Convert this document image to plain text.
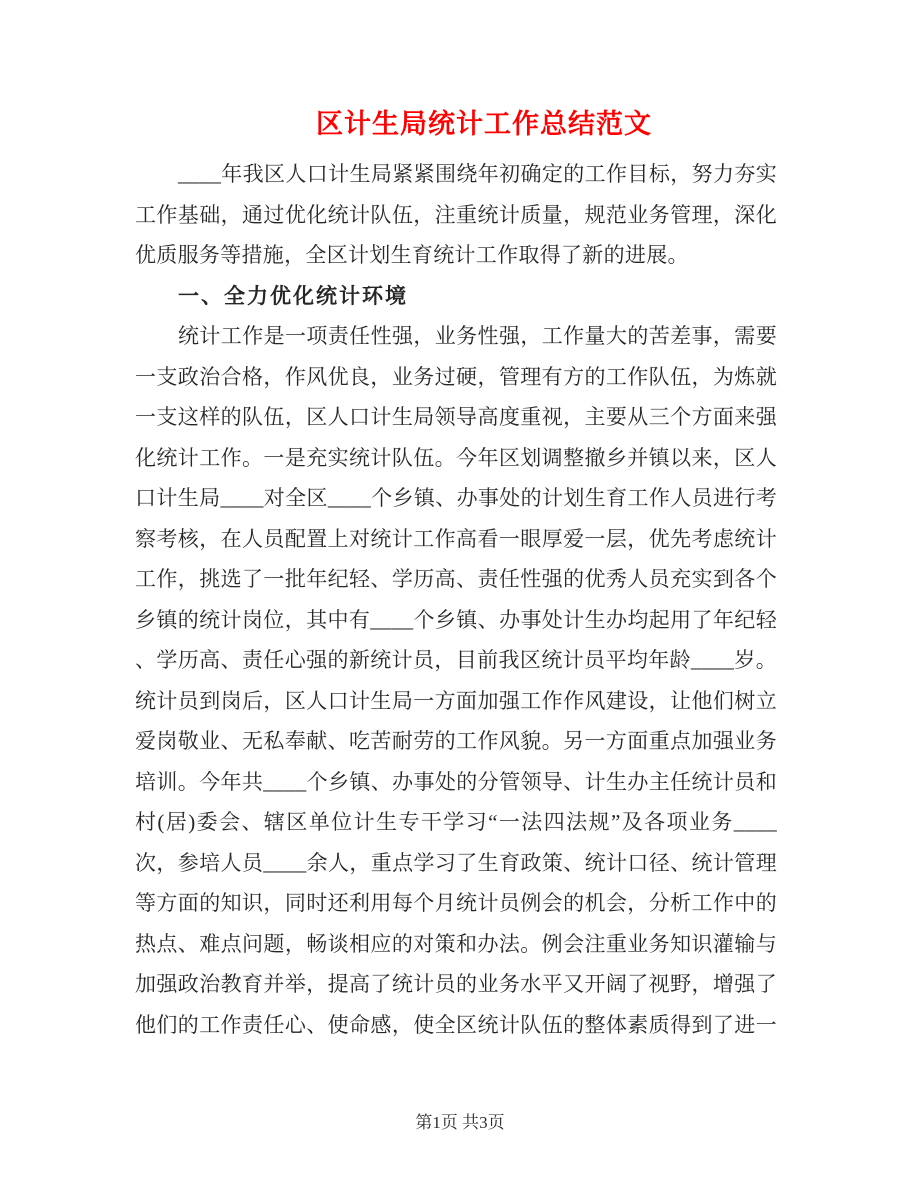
区计生局统计工作总结范文
____年我区人口计生局紧紧围绕年初确定的工作目标，努力夯实
工作基础，通过优化统计队伍，注重统计质量，规范业务管理，深化
优质服务等措施，全区计划生育统计工作取得了新的进展。
一、全力优化统计环境
统计工作是一项责任性强，业务性强，工作量大的苦差事，需要
一支政治合格，作风优良，业务过硬，管理有方的工作队伍，为炼就
一支这样的队伍，区人口计生局领导高度重视，主要从三个方面来强
化统计工作。一是充实统计队伍。今年区划调整撤乡并镇以来，区人
口计生局____对全区____个乡镇、办事处的计划生育工作人员进行考
察考核，在人员配置上对统计工作高看一眼厚爱一层，优先考虑统计
工作，挑选了一批年纪轻、学历高、责任性强的优秀人员充实到各个
乡镇的统计岗位，其中有____个乡镇、办事处计生办均起用了年纪轻
、学历高、责任心强的新统计员，目前我区统计员平均年龄____岁。
统计员到岗后，区人口计生局一方面加强工作作风建设，让他们树立
爱岗敬业、无私奉献、吃苦耐劳的工作风貌。另一方面重点加强业务
培训。今年共____个乡镇、办事处的分管领导、计生办主任统计员和
村(居)委会、辖区单位计生专干学习“一法四法规”及各项业务____
次，参培人员____余人，重点学习了生育政策、统计口径、统计管理
等方面的知识，同时还利用每个月统计员例会的机会，分析工作中的
热点、难点问题，畅谈相应的对策和办法。例会注重业务知识灌输与
加强政治教育并举，提高了统计员的业务水平又开阔了视野，增强了
他们的工作责任心、使命感，使全区统计队伍的整体素质得到了进一
第1页 共3页
